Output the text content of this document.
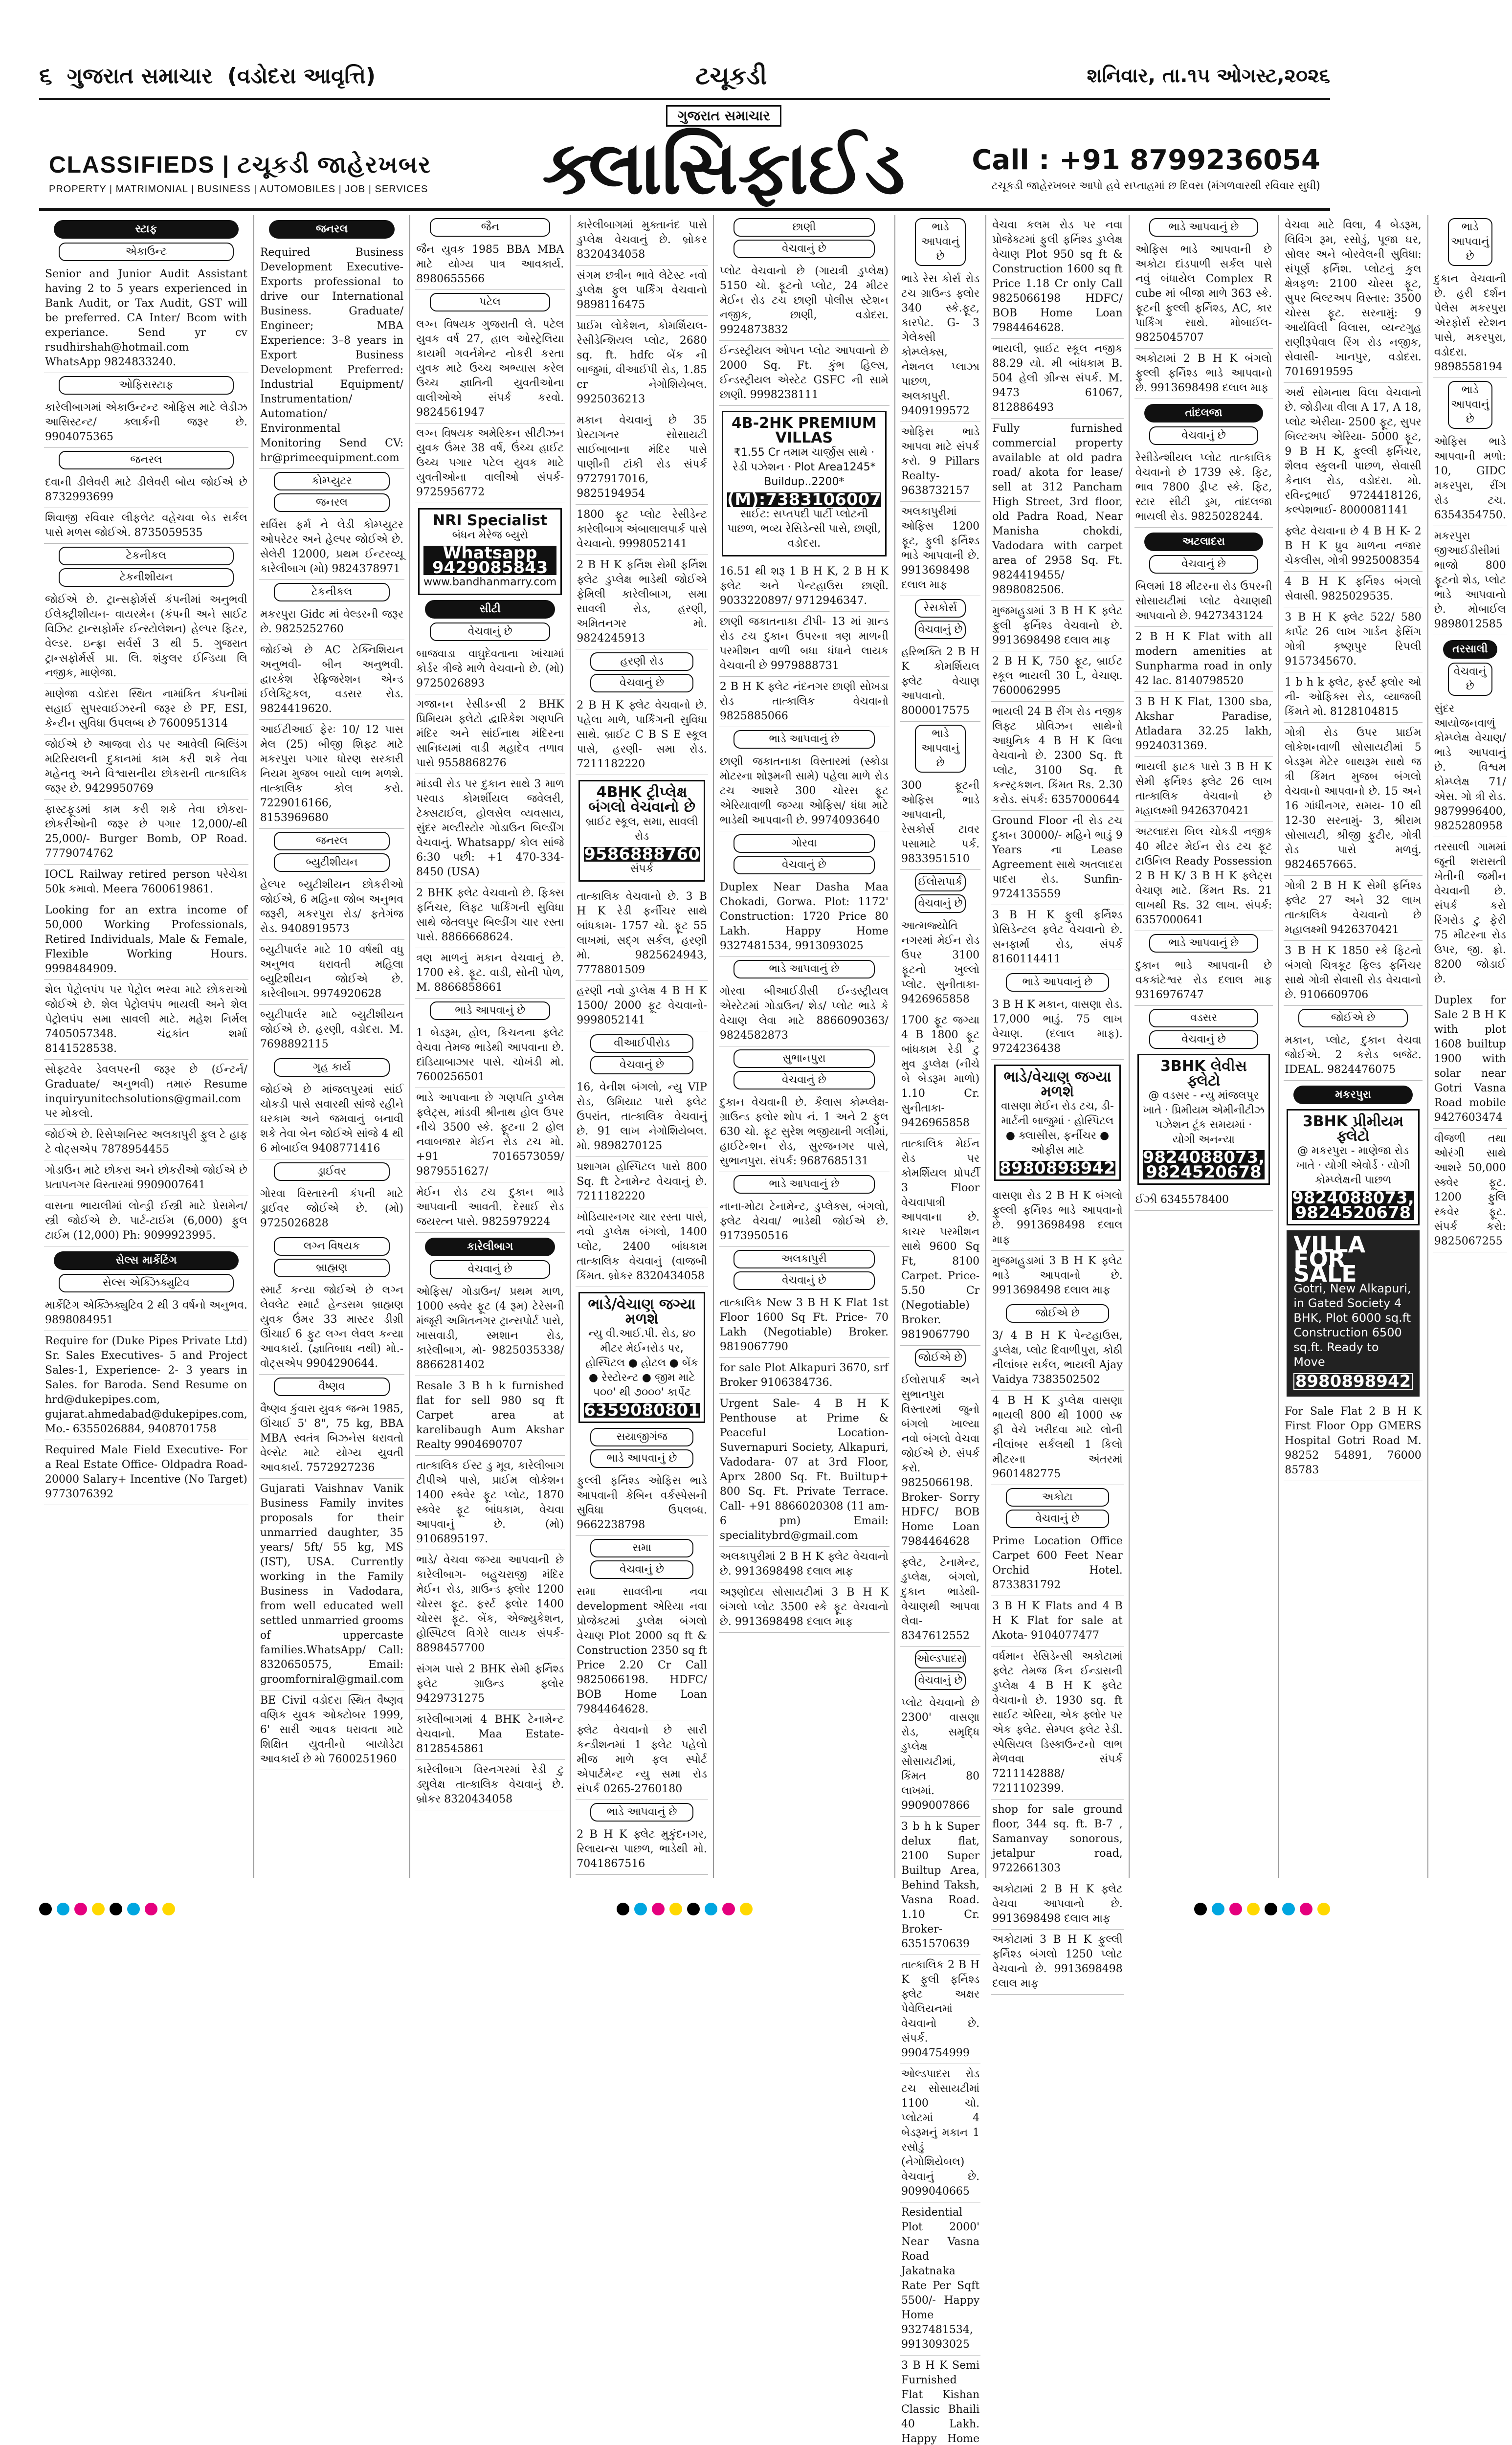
૬ ગુજરાત સમાચાર (વડોદરા આવૃત્તિ)	ટચૂકડી	શનિવાર, તા.૧૫ ઓગસ્ટ,૨૦૨૬
CLASSIFIEDS | ટચૂકડી જાહેરખબર
PROPERTY | MATRIMONIAL | BUSINESS | AUTOMOBILES | JOB | SERVICES
ગુજરાત સમાચાર
ક્લાસિફાઈડ	Call : +91 8799236054
ટચૂકડી જાહેરખબર આપો હવે સપ્તાહમાં છ દિવસ (મંગળવારથી રવિવાર સુધી)
સ્ટાફ
એકાઉન્ટ
Senior and Junior Audit Assistant having 2 to 5 years experienced in Bank Audit, or Tax Audit, GST will be preferred. CA Inter/ Bcom with experiance. Send yr cv rsudhirshah@hotmail.com WhatsApp 9824833240.
ઓફિસસ્ટાફ
કારેલીબાગમાં એકાઉન્ટન્ટ ઓફિસ માટે લેડીઝ આસિસ્ટન્ટ/ ક્લાર્કની જરૂર છે. 9904075365
જનરલ
દવાની ડીલેવરી માટે ડીલેવરી બોય જોઈએ છે 8732993699
શિવાજી રવિવાર લીફલેટ વહેચવા બેડ સર્કલ પાસે મળસ જોઈએ. 8735059535
ટેકનીકલ
ટેકનીશીયન
જોઈએ છે. ટ્રાન્સફોર્મર્સ કંપનીમાં અનુભવી ઈલેક્ટ્રીશીયન- વાયરમેન (કંપની અને સાઈટ વિઝિટ ટ્રાન્સફોર્મર ઈન્સ્ટોલેશન) હેલ્પર ફિટર, વેલ્ડર. ઇન્ફ્રા સર્વર્સ 3 થી 5. ગુજરાત ટ્રાન્સફોર્મર્સ પ્રા. લિ. શંકુલર ઈન્ડિયા લિ નજીક, માણેજા.
માણેજા વડોદરા સ્થિત નામાંકિત કંપનીમાં સહાઈ સુપરવાઈઝરની જરૂર છે PF, ESI, કેન્ટીન સુવિધા ઉપલબ્ધ છે 7600951314
જોઈએ છે આજવા રોડ પર આવેલી બિલ્ડિંગ મટિરિયલની દુકાનમાં કામ કરી શકે તેવા મહેનતુ અને વિશ્વાસનીય છોકરાની તાત્કાલિક જરૂર છે. 9429950769
ફાસ્ટફૂડમાં કામ કરી શકે તેવા છોકરા-છોકરીઓની જરૂર છે પગાર 12,000/-થી 25,000/- Burger Bomb, OP Road. 7779074762
IOCL Railway retired person પરેચેકા 50k કમાવો. Meera 7600619861.
Looking for an extra income of 50,000 Working Professionals, Retired Individuals, Male & Female, Flexible Working Hours. 9998484909.
શેલ પેટ્રોલપંપ પર પેટ્રોલ ભરવા માટે છોકરાઓ જોઈએ છે. શેલ પેટ્રોલપંપ ભાયલી અને શેલ પેટ્રોલપંપ સમા સાવલી માટે. મહેશ નિર્મલ 7405057348. ચંદ્રકાંત શર્મા 8141528538.
સોફ્ટવેર ડેવલપરની જરૂર છે (ઈન્ટર્ન/ Graduate/ અનુભવી) તમારું Resume inquiryunitechsolutions@gmail.com પર મોકલો.
જોઈએ છે. રિસેપ્શનિસ્ટ અલકાપુરી ફુલ ટે હાફ ટે વોટ્સએપ 7878954455
ગોડાઉન માટે છોકરા અને છોકરીઓ જોઈએ છે પ્રતાપનગર વિસ્તારમાં 9909007641
વાસના ભાયલીમાં લોન્ડ્રી ઈસ્ત્રી માટે પ્રેસમેન/ સ્ત્રી જોઈએ છે. પાર્ટ-ટાઈમ (6,000) ફુલ ટાઈમ (12,000) Ph: 9099923995.
સેલ્સ માર્કેટિંગ
સેલ્સ એક્ઝિક્યુટિવ
માર્કેટિંગ એક્ઝિક્યુટિવ 2 થી 3 વર્ષનો અનુભવ. 9898084951
Require for (Duke Pipes Private Ltd) Sr. Sales Executives- 5 and Project Sales-1, Experience- 2- 3 years in Sales. for Baroda. Send Resume on hrd@dukepipes.com, gujarat.ahmedabad@dukepipes.com, Mo.- 6355026884, 9408701758
Required Male Field Executive- For a Real Estate Office- Oldpadra Road- 20000 Salary+ Incentive (No Target) 9773076392
જનરલ
Required Business Development Executive- Exports professional to drive our International Business. Graduate/ Engineer; MBA Experience: 3–8 years in Export Business Development Preferred: Industrial Equipment/ Instrumentation/ Automation/ Environmental Monitoring Send CV: hr@primeequipment.com
કોમ્પ્યુટર
જનરલ
સર્વિસ ફર્મ ને લેડી કોમ્પ્યુટર ઓપરેટર અને હેલ્પર જોઈએ છે. સેલેરી 12000, પ્રથમ ઈન્ટરવ્યૂ કારેલીબાગ (મો) 9824378971
ટેકનીકલ
મકરપુરા Gidc માં વેલ્ડરની જરૂર છે. 9825252760
જોઈએ છે AC ટેક્નિશિયન અનુભવી- બીન અનુભવી. દ્વારકેશ રેફ્રિજરેશન એન્ડ ઈલેક્ટ્રિકલ, વડસર રોડ. 9824419620.
આઈટીઆઈ ફેરઃ 10/ 12 પાસ મેલ (25) બીજી શિફ્ટ માટે મકરપુરા પગાર ધોરણ સરકારી નિયમ મુજબ બાયો લાભ મળશે. તાત્કાલિક કોલ કરો. 7229016166, 8153969680
જનરલ
બ્યુટીશીયન
હેલ્પર બ્યુટીશીયન છોકરીઓ જોઈએ, 6 મહિના જોબ અનુભવ જરૂરી, મકરપુરા રોડ/ ફતેગંજ રોડ. 9408919573
બ્યુટીપાર્લર માટે 10 વર્ષથી વધુ અનુભવ ધરાવતી મહિલા બ્યુટિશીયન જોઈએ છે. કારેલીબાગ. 9974920628
બ્યુટીપાર્લર માટે બ્યુટીશીયન જોઈએ છે. હરણી, વડોદરા. M. 7698892115
ગૃહ કાર્ય
જોઈએ છે માંજલપુરમાં સાંઈ ચોકડી પાસે સવારથી સાંજે રહીને ઘરકામ અને જમવાનું બનાવી શકે તેવા બેન જોઈએ સાંજે 4 થી 6 મોબાઈલ 9408771416
ડ્રાઈવર
ગોરવા વિસ્તારની કંપની માટે ડ્રાઈવર જોઈએ છે. (મો) 9725026828
લગ્ન વિષયક
બ્રાહ્મણ
સ્માર્ટ કન્યા જોઈએ છે લગ્ન લેવલેટ સ્માર્ટ હેન્ડસમ બ્રાહ્મણ યુવક ઉંમર 33 માસ્ટર ડીગ્રી ઊંચાઈ 6 ફુટ લગ્ન લેવલ કન્યા આવકાર્ય. (જ્ઞાતિબાધ નથી) મો.- વોટ્સએપ 9904290644.
વૈષ્ણવ
વૈષ્ણવ કુંવારા યુવક જન્મ 1985, ઊંચાઈ 5' 8", 75 kg, BBA MBA સ્વતંત્ર બિઝનેસ ધરાવતો વેલ્સેટ માટે યોગ્ય યુવતી આવકાર્ય. 7572927236
Gujarati Vaishnav Vanik Business Family invites proposals for their unmarried daughter, 35 years/ 5ft/ 55 kg, MS (IST), USA. Currently working in the Family Business in Vadodara, from well educated well settled unmarried grooms of uppercaste families.WhatsApp/ Call: 8320650575, Email: groomforniral@gmail.com
BE Civil વડોદરા સ્થિત વૈષ્ણવ વણિક યુવક ઓક્ટોબર 1999, 6' સારી આવક ધરાવતા માટે શિક્ષિત યુવતીનો બાયોડેટા આવકાર્ય છે મો 7600251960
જૈન
જૈન યુવક 1985 BBA MBA માટે યોગ્ય પાત્ર આવકાર્ય. 8980655566
પટેલ
લગ્ન વિષયક ગુજરાતી લે. પટેલ યુવક વર્ષ 27, હાલ ઓસ્ટ્રેલિયા કાયમી ગવર્નમેન્ટ નોકરી કરતા યુવક માટે ઉચ્ચ અભ્યાસ કરેલ ઉચ્ચ જ્ઞાતિની યુવતીઓના વાલીઓએ સંપર્ક કરવો. 9824561947
લગ્ન વિષયક અમેરિકન સીટીઝન યુવક ઉંમર 38 વર્ષ, ઉંચ્ચ હાઈટ ઉચ્ચ પગાર પટેલ યુવક માટે યુવતીઓના વાલીઓ સંપર્ક- 9725956772
NRI Specialist
બંધન મેરેજ બ્યુરો
Whatsapp 9429085843
www.bandhanmarry.com
સીટી
વેચવાનું છે
બાજવાડા વાઘુદેવતાના ખાંચામાં કોર્ડર ત્રીજે માળે વેચવાનો છે. (મો) 9725026893
ગજાનન રેસીડન્સી 2 BHK પ્રિમિયમ ફ્લેટો દ્વારિકેશ ગણપતિ મંદિર અને સાંઈનાથ મંદિરના સાનિધ્યમાં વાડી મહાદેવ તળાવ પાસે 9558868276
માંડવી રોડ પર દુકાન સાથે 3 માળ પરવાડ કોમર્શીયલ જવેલરી, ટેક્સટાઈલ, હોલસેલ વ્યવસાય, સુંદર મલ્ટીસ્ટોર ગોડાઉન બિલ્ડીંગ વેચવાનું. Whatsapp/ કોલ સાંજે 6:30 પછી: +1 470-334-8450 (USA)
2 BHK ફ્લેટ વેચવાનો છે. ફિક્સ ફર્નિચર, લિફ્ટ પાર્કિંગની સુવિધા સાથે જેતલપુર બિલ્ડીંગ ચાર રસ્તા પાસે. 8866668624.
ત્રણ માળનું મકાન વેચવાનું છે. 1700 સ્કે. ફૂટ. વાડી, સોની પોળ, M. 8866858661
ભાડે આપવાનું છે
1 બેડરૂમ, હોલ, કિચનના ફ્લેટ વેચવા તેમજ ભાડેથી આપવાના છે. દાંડિયાબાઝાર પાસે. ચોખંડી મો. 7600256501
ભાડે આપવાના છે ગણપતિ ડુપ્લેક્ષ ફ્લેટ્સ, માંડવી શ્રીનાથ હોલ ઉપર નીચે 3500 સ્કે. ફૂટના 2 હોલ નવાબજાર મેઈન રોડ ટચ મો. +91 7016573059/ 9879551627/
મેઈન રોડ ટચ દુકાન ભાડે આપવાની આવતી. દેસાઈ રોડ જયરત્ન પાસે. 9825979224
કારેલીબાગ
વેચવાનું છે
ઓફિસ/ ગોડાઉન/ પ્રથમ માળ, 1000 સ્ક્વેર ફૂટ (4 રૂમ) ટેરેસની મંજૂરી અમિતનગર ટ્રાન્સપોર્ટ પાસે, ખાસવાડી, સ્મશાન રોડ, કારેલીબાગ, મો- 9825035338/ 8866281402
Resale 3 B h k furnished flat for sell 980 sq ft Carpet area at karelibaugh Aum Akshar Realty 9904690707
તાત્કાલિક ઈસ્ટ ડુ મૂવ, કારેલીબાગ ટીપીએ પાસે, પ્રાઈમ લોકેશન 1400 સ્ક્વેર ફૂટ પ્લોટ, 1870 સ્ક્વેર ફૂટ બાંધકામ, વેચવા આપવાનું છે. (મો) 9106895197.
ભાડે/ વેચવા જગ્યા આપવાની છે કારેલીબાગ- બહુચરાજી મંદિર મેઈન રોડ, ગ્રાઉન્ડ ફ્લોર 1200 ચોરસ ફૂટ. ફર્સ્ટ ફ્લોર 1400 ચોરસ ફૂટ. બેંક, એજ્યુકેશન, હોસ્પિટલ વિગેરે લાયક સંપર્ક- 8898457700
સંગમ પાસે 2 BHK સેમી ફર્નિશ્ડ ફ્લેટ ગ્રાઉન્ડ ફ્લોર 9429731275
કારેલીબાગમાં 4 BHK ટેનામેન્ટ વેચવાનો. Maa Estate- 8128545861
કારેલીબાગ વિરનગરમાં રેડી ટુ ડ્યુલેક્ષ તાત્કાલિક વેચવાનું છે. બ્રોકર 8320434058
કારેલીબાગમાં મુક્તાનંદ પાસે ડુપ્લેક્ષ વેચવાનું છે. બ્રોકર 8320434058
સંગમ છત્રીન ભાવે લેટેસ્ટ નવો ડુપ્લેક્ષ ફુલ પાર્કિંગ વેચવાનો 9898116475
પ્રાઈમ લોકેશન, કોમર્શિયલ- રેસીડેન્શિયલ પ્લોટ, 2680 sq. ft. hdfc બેંક ની બાજુમાં, વીઆઈપી રોડ, 1.85 cr નેગોશિયેબલ. 9925036213
મકાન વેચવાનું છે 35 પ્રેસ્ટાગનર સોસાયટી સાઈબાબાના મંદિર પાસે પાણીની ટાંકી રોડ સંપર્ક 9727917016, 9825194954
1800 ફૂટ પ્લોટ રેસીડેન્ટ કારેલીબાગ અંબાલાલપાર્ક પાસે વેચવાનો. 9998052141
2 B H K ફર્નિશ સેમી ફર્નિશ ફ્લેટ ડુપ્લેક્ષ ભાડેથી જોઈએ ફેમિલી કારેલીબાગ, સમા સાવલી રોડ, હરણી, અમિતનગર મો. 9824245913
હરણી રોડ
વેચવાનું છે
2 B H K ફ્લેટ વેચવાનો છે. પહેલા માળે, પાર્કિંગની સુવિધા સાથે. બ્રાઈટ C B S E સ્કૂલ પાસે, હરણી- સમા રોડ. 7211182220
4BHK ટ્રીપ્લેક્ષ બંગલો વેચવાનો છે
બ્રાઈટ સ્કૂલ, સમા, સાવલી રોડ
9586888760
સંપર્ક
તાત્કાલિક વેચવાનો છે. 3 B H K રેડી ફર્નીચર સાથે બાંધકામ- 1757 ચો. ફૂટ 55 લાખમાં, સદ્ગ સર્કલ, હરણી મો. 9825624943, 7778801509
હરણી નવો ડુપ્લેક્ષ 4 B H K 1500/ 2000 ફૂટ વેચવાનો- 9998052141
વીઆઈપીરોડ
વેચવાનું છે
16, વેનીશ બંગલો, ન્યુ VIP રોડ, ઉમિયાટ પાસે ફ્લેટ ઉપરાંત, તાત્કાલિક વેચવાનું છે. 91 લાખ નેગોશિયેબલ. મો. 9898270125
પ્રશાગમ હોસ્પિટલ પાસે 800 Sq. ft ટેનામેન્ટ વેચવાનું છે. 7211182220
ખોડિયારનગર ચાર રસ્તા પાસે, નવો ડુપ્લેક્ષ બંગલો, 1400 પ્લોટ, 2400 બાંધકામ તાત્કાલિક વેચવાનું (વાજબી કિંમત. બ્રોકર 8320434058
ભાડે/વેચાણ જગ્યા મળશે
ન્યુ વી.આઈ.પી. રોડ, ૪૦ મીટર મેઈનરોડ પર, હોસ્પિટલ ● હોટલ ● બેંક ● રેસ્ટોરન્ટ ● જીમ માટે ૫૦૦' થી ૭૦૦૦' કાર્પેટ
6359080801
સયાજીગંજ
ભાડે આપવાનું છે
ફુલ્લી ફર્નિશ્ડ ઓફિસ ભાડે આપવાની કેબિન વર્કસ્પેસની સુવિધા ઉપલબ્ધ. 9662238798
સમા
વેચવાનું છે
સમા સાવલીના નવા development એરિયા નવા પ્રોજેક્ટમાં ડુપ્લેક્ષ બંગલો વેચાણ Plot 2000 sq ft & Construction 2350 sq ft Price 2.20 Cr Call 9825066198. HDFC/ BOB Home Loan 7984464628.
ફ્લેટ વેચવાનો છે સારી કન્ડીશનમાં 1 ફ્લેટ પહેલો મીજ માળે ફલ સ્પોર્ટ એપાર્ટમેન્ટ ન્યુ સમા રોડ સંપર્ક 0265-2760180
ભાડે આપવાનું છે
2 B H K ફ્લેટ મુકુંદનગર, રિલાયન્સ પાછળ, ભાડેથી મો. 7041867516
છાણી
વેચવાનું છે
પ્લોટ વેચવાનો છે (ગાયત્રી ડુપ્લેક્ષ) 5150 ચો. ફૂટનો પ્લોટ, 24 મીટર મેઈન રોડ ટચ છાણી પોલીસ સ્ટેશન નજીક, છાણી, વડોદરા. 9924873832
ઈન્ડસ્ટ્રીયલ ઓપન પ્લોટ આપવાનો છે 2000 Sq. Ft. કુંભ હિલ્સ, ઈન્ડસ્ટ્રીયલ એસ્ટેટ GSFC ની સામે છાણી. 9998238111
4B-2HK PREMIUM VILLAS
₹1.55 Cr તમામ ચાર્જીસ સાથે · રેડી પઝેશન · Plot Area1245* Buildup..2200*
(M):7383106007
સાઈટ: સપ્તપદી પાર્ટી પ્લોટની પાછળ, ભવ્ય રેસિડેન્સી પાસે, છાણી, વડોદરા.
16.51 થી શરૂ 1 B H K, 2 B H K ફ્લેટ અને પેન્ટહાઉસ છાણી. 9033220897/ 9712946347.
છાણી જકાતનાકા ટીપી- 13 માં ગ્રાન્ડ રોડ ટચ દુકાન ઉપરના ત્રણ માળની પરમીશન વાળી બધા ધંધાને લાયક વેચવાની છે 9979888731
2 B H K ફ્લેટ નંદનગર છાણી સોખડા રોડ તાત્કાલિક વેચવાનો 9825885066
ભાડે આપવાનું છે
છાણી જકાતનાકા વિસ્તારમાં (સ્કોડા મોટરના શોરૂમની સામે) પહેલા માળે રોડ ટચ આશરે 300 ચોરસ ફૂટ એરિયાવાળી જગ્યા ઓફિસ/ ધંધા માટે ભાડેથી આપવાની છે. 9974093640
ગોરવા
વેચવાનું છે
Duplex Near Dasha Maa Chokadi, Gorwa. Plot: 1172' Construction: 1720 Price 80 Lakh. Happy Home 9327481534, 9913093025
ભાડે આપવાનું છે
ગોરવા બીઆઈડીસી ઈન્ડસ્ટ્રીયલ એસ્ટેટમાં ગોડાઉન/ શેડ/ પ્લોટ ભાડે કે વેચાણ લેવા માટે 8866090363/ 9824582873
સુભાનપુરા
વેચવાનું છે
દુકાન વેચવાની છે. કૈલાસ કોમ્પ્લેક્ષ- ગ્રાઉન્ડ ફ્લોર શોપ નં. 1 અને 2 ફુલ 630 ચો. ફૂટ સુરેશ ભજીયાની ગલીમાં, હાઈટેન્શન રોડ, સુરજનગર પાસે, સુભાનપુરા. સંપર્ક: 9687685131
ભાડે આપવાનું છે
નાના-મોટા ટેનામેન્ટ, ડુપ્લેક્સ, બંગલો, ફ્લેટ વેચવા/ ભાડેથી જોઈએ છે. 9173950516
અલકાપુરી
વેચવાનું છે
તાત્કાલિક New 3 B H K Flat 1st Floor 1600 Sq Ft. Price- 70 Lakh (Negotiable) Broker. 9819067790
for sale Plot Alkapuri 3670, srf Broker 9106384736.
Urgent Sale- 4 B H K Penthouse at Prime & Peaceful Location- Suvernapuri Society, Alkapuri, Vadodara- 07 at 3rd Floor, Aprx 2800 Sq. Ft. Builtup+ 800 Sq. Ft. Private Terrace. Call- +91 8866020308 (11 am- 6 pm) Email: specialitybrd@gmail.com
અલકાપુરીમાં 2 B H K ફ્લેટ વેચવાનો છે. 9913698498 દલાલ માફ
અરૂણોદય સોસાયટીમાં 3 B H K બંગલો પ્લોટ 3500 સ્કે ફૂટ વેચવાનો છે. 9913698498 દલાલ માફ
ભાડે આપવાનું છે
ભાડે રેસ કોર્સ રોડ ટચ ગ્રાઉન્ડ ફ્લોર 340 સ્કે.ફૂટ, કારપેટ. G- 3 ગેલેક્સી કોમ્પ્લેક્સ, નેશનલ પ્લાઝા પાછળ, અલકાપુરી. 9409199572
ઓફિસ ભાડે આપવા માટે સંપર્ક કરો. 9 Pillars Realty- 9638732157
અલકાપુરીમાં ઓફિસ 1200 ફૂટ, ફુલી ફર્નિશ્ડ ભાડે આપવાની છે. 9913698498 દલાલ માફ
રેસકોર્સ
વેચવાનું છે
હરિભક્તિ 2 B H K કોમર્શિયલ ફ્લેટ વેચાણ આપવાનો. 8000017575
ભાડે આપવાનું છે
300 ફૂટની ઓફિસ ભાડે આપવાની, રેસકોર્સ ટાવર પસામાટે પર્ક. 9833951510
ઈલોરાપાર્ક
વેચવાનું છે
આત્મજ્યોતિ નગરમાં મેઈન રોડ ઉપર 3100 ફૂટનો ખુલ્લો પ્લોટ. સુનીતાકા- 9426965858
1700 ફૂટ જગ્યા 4 B 1800 ફૂટ બાંધકામ રેડી ટુ મુવ ડુપ્લેક્ષ (નીચે બે બેડરૂમ માળો) 1.10 Cr. સુનીતાકા- 9426965858
તાત્કાલિક મેઈન રોડ પર કોમર્શિયલ પ્રોપર્ટી 3 Floor વેચવાપાત્રી આપવાના છે. કાચર પરમીશન સાથે 9600 Sq Ft, 8100 Carpet. Price- 5.50 Cr (Negotiable) Broker. 9819067790
જોઈએ છે
ઈલોરાપાર્ક અને સુભાનપુરા વિસ્તારમાં જુનો બંગલો ખાલ્યા નવો બંગલો વેચવા જોઈએ છે. સંપર્ક કરો. 9825066198. Broker- Sorry HDFC/ BOB Home Loan 7984464628
ફ્લેટ, ટેનામેન્ટ, ડુપ્લેક્ષ, બંગલો, દુકાન ભાડેથી- વેચાણથી આપવા લેવા- 8347612552
ઓલ્ડપાદરા
વેચવાનું છે
પ્લોટ વેચવાનો છે 2300' વાસણા રોડ, સમૃદ્ધિ ડુપ્લેક્ષ સોસાયટીમાં, કિંમત 80 લાખમાં. 9909007866
3 b h k Super delux flat, 2100 Super Builtup Area, Behind Taksh, Vasna Road. 1.10 Cr. Broker- 6351570639
તાત્કાલિક 2 B H K ફુલી ફર્નિશ્ડ ફ્લેટ અક્ષર પેવેલિયનમાં વેચવાનો છે. સંપર્ક. 9904754999
ઓલ્ડપાદરા રોડ ટચ સોસાયટીમાં 1100 ચો. પ્લોટમાં 4 બેડરૂમનું મકાન 1 રસોડું (નેગોશિયેબલ) વેચવાનું છે. 9099040665
Residential Plot 2000' Near Vasna Road Jakatnaka Rate Per Sqft 5500/- Happy Home 9327481534, 9913093025
3 B H K Semi Furnished Flat Kishan Classic Bhaili 40 Lakh. Happy Home
વેચવા કલમ રોડ પર નવા પ્રોજેક્ટમાં ફુલી ફર્નિશ્ડ ડુપ્લેક્ષ વેચાણ Plot 950 sq ft & Construction 1600 sq ft Price 1.18 Cr only Call 9825066198 HDFC/ BOB Home Loan 7984464628.
ભાયલી, બ્રાઈટ સ્કૂલ નજીક 88.29 યો. મી બાંધકામ B. 504 હેલી ગ્રીન્સ સંપર્ક. M. 9473 61067, 812886493
Fully furnished commercial property available at old padra road/ akota for lease/ sell at 312 Pancham High Street, 3rd floor, old Padra Road, Near Manisha chokdi, Vadodara with carpet area of 2958 Sq. Ft. 9824419455/ 9898082506.
મુજમહુડામાં 3 B H K ફ્લેટ ફુલી ફર્નિશ્ડ વેચવાનો છે. 9913698498 દલાલ માફ
2 B H K, 750 ફૂટ, બ્રાઈટ સ્કૂલ ભાયલી 30 L, વેચાણ. 7600062995
ભાયલી 24 B રીંગ રોડ નજીક લિફ્ટ પ્રોવિઝન સાથેનો આધુનિક 4 B H K વિલા વેચવાનો છે. 2300 Sq. ft પ્લોટ, 3100 Sq. ft કન્સ્ટ્રકશન. કિંમત Rs. 2.30 કરોડ. સંપર્ક: 6357000644
Ground Floor ની રોડ ટચ દુકાન 30000/- મહિને ભાડું 9 Years ના Lease Agreement સાથે અતલાદરા પાદરા રોડ. Sunfin- 9724135559
3 B H K ફુલી ફર્નિશ્ડ પ્રેસિડેન્ટલ ફ્લેટ વેચવાનો છે. સનફાર્મા રોડ, સંપર્ક 8160114411
ભાડે આપવાનું છે
3 B H K મકાન, વાસણા રોડ. 17,000 ભાડું. 75 લાખ વેચાણ. (દલાલ માફ). 9724236438
ભાડે/વેચાણ જગ્યા મળશે
વાસણા મેઈન રોડ ટચ, ડી-માર્ટની બાજુમાં · હોસ્પિટલ ● ક્લાસીસ, ફર્નીચર ● ઓફીસ માટે
8980898942
વાસણા રોડ 2 B H K બંગલો ફુલ્લી ફર્નિશ્ડ ભાડે આપવાનો છે. 9913698498 દલાલ માફ
મુજમહુડામાં 3 B H K ફ્લેટ ભાડે આપવાનો છે. 9913698498 દલાલ માફ
જોઈએ છે
3/ 4 B H K પેન્ટહાઉસ, ડુપ્લેક્ષ, પ્લોટ દિવાળીપુરા, કોઠી નીલાંબર સર્કલ, ભાયલી Ajay Vaidya 7383502502
4 B H K ડુપ્લેક્ષ વાસણા ભાયલી 800 થી 1000 સ્ક્ર ફી વેચે ખરીદવા માટે લોની નીલાંબર સર્કલથી 1 કિલો મીટરના અંતરમાં 9601482775
અકોટા
વેચવાનું છે
Prime Location Office Carpet 600 Feet Near Orchid Hotel. 8733831792
3 B H K Flats and 4 B H K Flat for sale at Akota- 9104077477
વર્ધમાન રેસિડેન્સી અકોટામાં ફ્લેટ તેમજ કિન ઈન્ડાસની ડુપ્લેક્ષ 4 B H K ફ્લેટ વેચવાનો છે. 1930 sq. ft સાઈટ એરિયા, એક ફ્લોર પર એક ફ્લેટ. સેમ્પલ ફ્લેટ રેડી. સ્પેસિયલ ડિસ્કાઉન્ટનો લાભ મેળવવા સંપર્ક 7211142888/ 7211102399.
shop for sale ground floor, 344 sq. ft. B-7 , Samanvay sonorous, jetalpur road, 9722661303
અકોટામાં 2 B H K ફ્લેટ વેચવા આપવાનો છે. 9913698498 દલાલ માફ
અકોટામાં 3 B H K ફુલ્લી ફર્નિશ્ડ બંગલો 1250 પ્લોટ વેચવાનો છે. 9913698498 દલાલ માફ
ભાડે આપવાનું છે
ઓફિસ ભાડે આપવાની છે અકોટા દાંડપાળી સર્કલ પાસે નવું બંધાયેલ Complex R cube માં બીજા માળે 363 સ્કે. ફૂટની ફુલ્લી ફર્નિશ્ડ, AC, કાર પાર્કિંગ સાથે. મોબાઈલ- 9825045707
અકોટામાં 2 B H K બંગલો ફુલ્લી ફર્નિશ્ડ ભાડે આપવાનો છે. 9913698498 દલાલ માફ
તાંદલજા
વેચવાનું છે
રેસીડેન્શીયલ પ્લોટ તાત્કાલિક વેચવાનો છે 1739 સ્કે. ફિટ, ભાવ 7800 ડ્રીપ્ટ સ્કે. ફિટ, સ્ટાર સીટી ડ્રમ, તાંદલજા ભાયલી રોડ. 9825028244.
અટલાદરા
વેચવાનું છે
બિલમાં 18 મીટરના રોડ ઉપરની સોસાયટીમાં પ્લોટ વેચાણથી આપવાનો છે. 9427343124
2 B H K Flat with all modern amenities at Sunpharma road in only 42 lac. 8140798520
3 B H K Flat, 1300 sba, Akshar Paradise, Atladara 32.25 lakh, 9924031369.
ભાયલી ફાટક પાસે 3 B H K સેમી ફર્નિશ્ડ ફ્લેટ 26 લાખ તાત્કાલિક વેચવાનો છે મહાલક્ષ્મી 9426370421
અટલાદરા બિલ ચોકડી નજીક 40 મીટર મેઈન રોડ ટચ ફૂટ ટાઉનિલ Ready Possession 2 B H K/ 3 B H K ફ્લેટ્સ વેચાણ માટે. કિંમત Rs. 21 લાખથી Rs. 32 લાખ. સંપર્ક: 6357000641
ભાડે આપવાનું છે
દુકાન ભાડે આપવાની છે વકકાંટેશ્વર રોડ દલાલ માફ 9316976747
વડસર
વેચવાનું છે
3BHK લેવીસ ફ્લેટો
@ વડસર - ન્યુ માંજલપુર ખાતે · પ્રિમીયમ એમીનીટીઝ પઝેશન ટૂંક સમયમાં · યોગી અનન્યા
9824088073, 9824520678
ઈઝી 6345578400
વેચવા માટે વિલા, 4 બેડરૂમ, લિવિંગ રૂમ, રસોડું, પૂજા ઘર, સોલર અને બોરવેલની સુવિધા: સંપૂર્ણ ફર્નિશ. પ્લોટનું કુલ ક્ષેત્રફળ: 2100 ચોરસ ફૂટ, સુપર બિલ્ટઅપ વિસ્તાર: 3500 ચોરસ ફૂટ. સરનામું: 9 આર્યવિલી વિલાસ, વ્યન્ટગુહ રાણીરૂપેવાલ રિંગ રોડ નજીક, સેવાસી- ખાનપુર, વડોદરા. 7016919595
અર્થ સોમનાથ વિલા વેચવાનો છે. જોડીયા વીલા A 17, A 18, પ્લોટ એરીયા- 2500 ફૂટ, સુપર બિલ્ટઅપ એરિયા- 5000 ફૂટ, 9 B H K, ફુલ્લી ફર્નિચર, શૈલવ સ્કુલની પાછળ, સેવાસી કેનાલ રોડ, વડોદરા. મો. રવિન્દ્રભાઈ 9724418126, કલ્પેશભાઈ- 8000081141
ફ્લેટ વેચવાના છે 4 B H K- 2 B H K ધ્રુવ માળના નજાર ચેકલીસ, ગોત્રી 9925008354
4 B H K ફર્નિશ્ડ બંગલો સેવાસી. 9825029535.
3 B H K ફ્લેટ 522/ 580 કાર્પેટ 26 લાખ ગાર્ડન ફેસિંગ ગોત્રી કૃષ્ણપુર રિપલી 9157345670.
1 b h k ફ્લેટ, ફર્સ્ટ ફ્લોર ઓ ની- ઓફિક્સ રોડ, વ્યાજબી કિંમતે મો. 8128104815
ગોત્રી રોડ ઉપર પ્રાઈમ લોકેશનવાળી સોસાયટીમાં 5 બેડરૂમ મેટેર બાથરૂમ સાથે જ ત્રી કિંમત મુજબ બંગલો વેચવાનો આપવાનો છે. 15 અને 16 ગાંધીનગર, સમય- 10 થી 12-30 સરનામું- 3, શ્રીરામ સોસાયટી, શ્રીજી ફુટીર, ગોત્રી રોડ પાસે મળવું. 9824657665.
ગોત્રી 2 B H K સેમી ફર્નિશ્ડ ફ્લેટ 27 અને 32 લાખ તાત્કાલિક વેચવાનો છે મહાલક્ષ્મી 9426370421
3 B H K 1850 સ્કે ફિટનો બંગલો ચિત્રકૂટ ફિલ્ડ ફર્નિચર સાથે ગોત્રી સેવાસી રોડ વેચવાનો છે. 9106609706
જોઈએ છે
મકાન, પ્લોટ, દુકાન વેચવા જોઈએ. 2 કરોડ બજેટ. IDEAL. 9824476075
મકરપુરા
3BHK પ્રીમીયમ ફ્લેટો
@ મકરપુરા - માણેજા રોડ ખાતે · યોગી એવોર્ડ · યોગી કોમ્પ્લેક્ષની પાછળ
9824088073, 9824520678
VILLA FOR SALE
Gotri, New Alkapuri, in Gated Society 4 BHK, Plot 6000 sq.ft Construction 6500 sq.ft. Ready to Move
8980898942
For Sale Flat 2 B H K First Floor Opp GMERS Hospital Gotri Road M. 98252 54891, 76000 85783
ભાડે આપવાનું છે
દુકાન વેચવાની છે. હરી દર્શન પેલેસ મકરપુરા એરફોર્સ સ્ટેશન પાસે, મકરપુરા, વડોદરા. 9898558194
ભાડે આપવાનું છે
ઓફિસ ભાડે આપવાની મળો: 10, GIDC મકરપુરા, રીંગ રોડ ટચ. 6354354750.
મકરપુરા જીઆઈડીસીમાં ભાજો 800 ફૂટનો શેડ, પ્લોટ ભાડે આપવાનો છે. મોબાઈલ 9898012585
તરસાલી
વેચવાનું છે
સુંદર આયોજનવાળું કોમ્પ્લેક્ષ વેચાણ/ ભાડે આપવાનું છે. વિશ્વમ કોમ્પ્લેક્ષ 71/ એસ. ગો ત્રી રોડ. 9879996400, 9825280958
તરસાલી ગામમાં જૂની શરાસતી ખેતીની જમીન વેચવાની છે. સંપર્ક કરો રિંગરોડ ટુ ફેરી 75 મીટરના રોડ ઉપર, જી. ફ્રો. 8200 જોડાઈ છે.
Duplex for Sale 2 B H K with plot 1608 builtup 1900 with solar near Gotri Vasna Road mobile 9427603474
વીજળી તથા ઓરંગી સાથે આશરે 50,000 સ્ક્વેર ફૂટ. 1200 ફુલિ સ્કવેર ફૂટ. સંપર્ક કરો: 9825067255
